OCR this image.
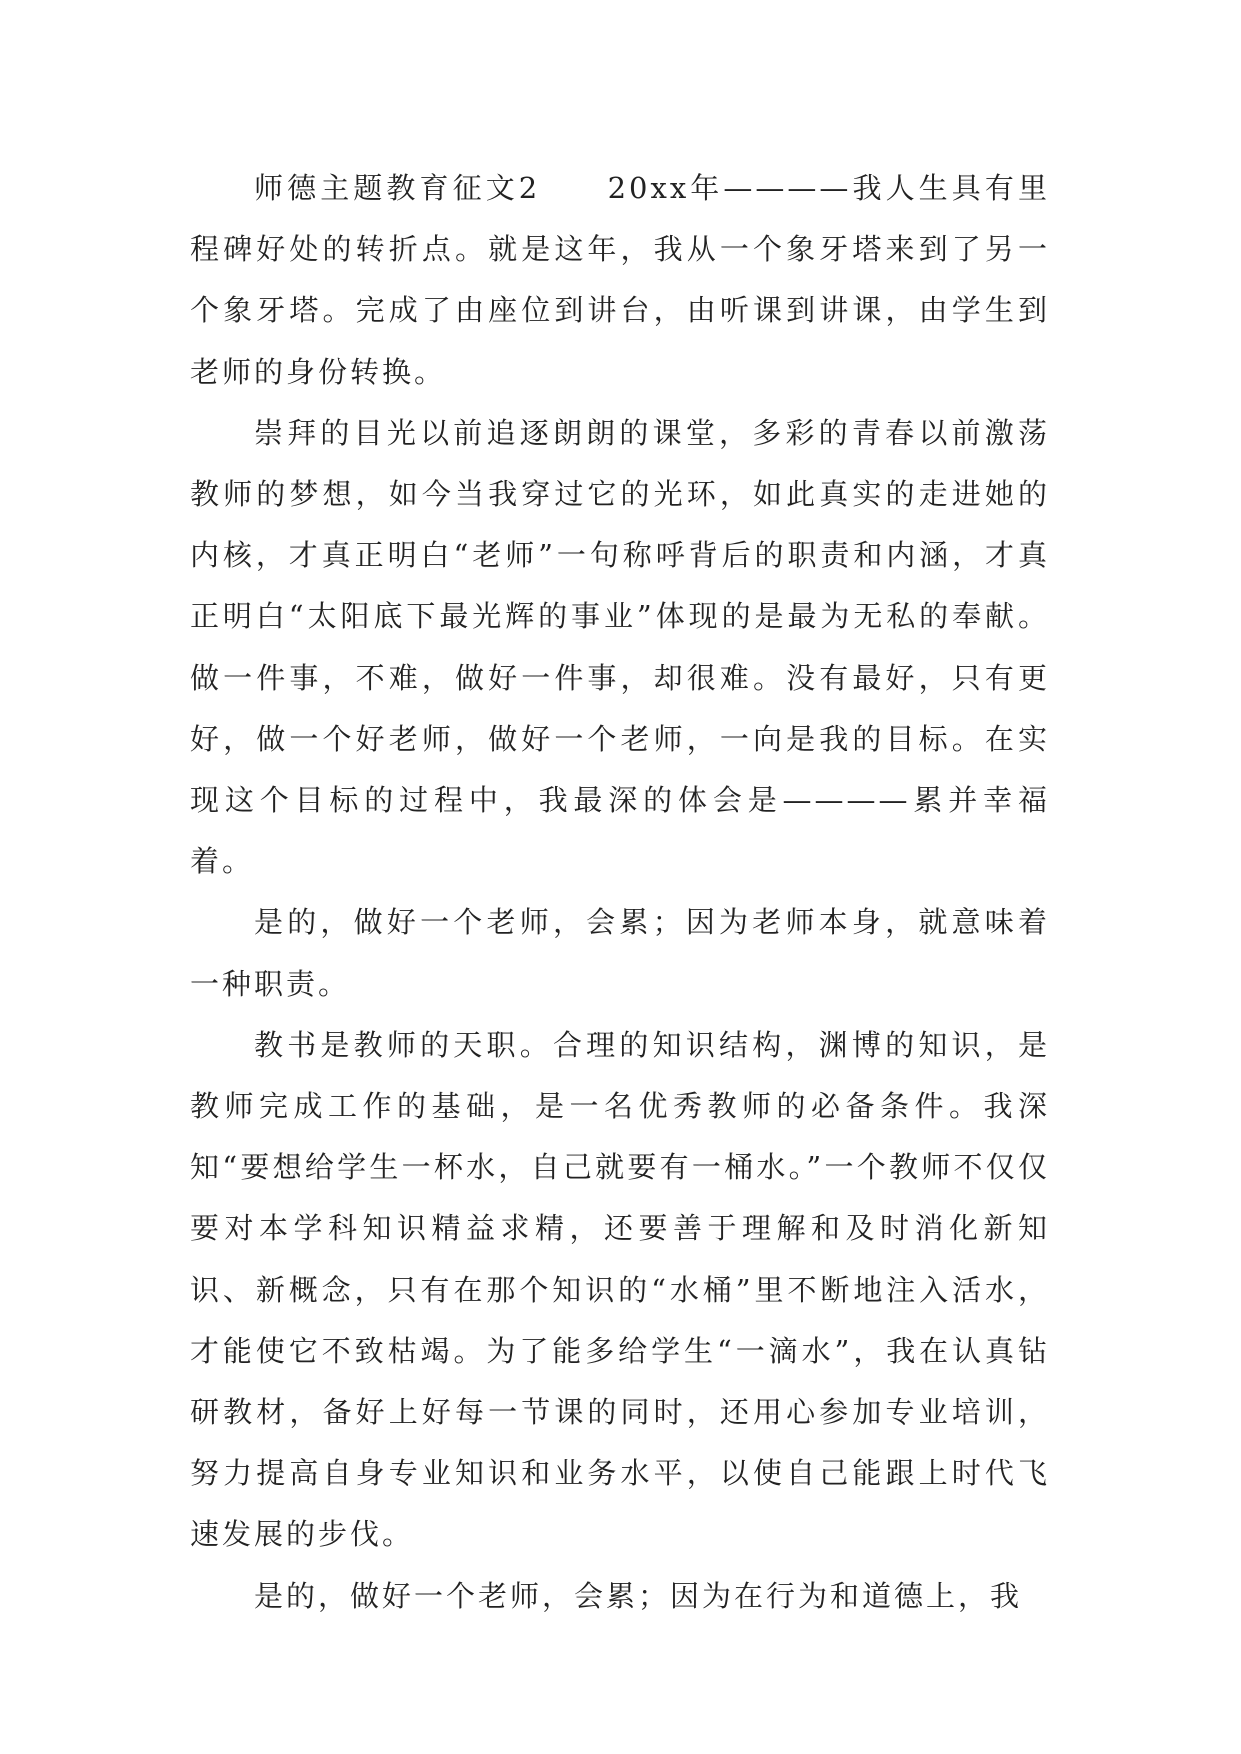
师德主题教育征文2　　20xx年————我人生具有里程碑好处的转折点。就是这年，我从一个象牙塔来到了另一个象牙塔。完成了由座位到讲台，由听课到讲课，由学生到老师的身份转换。

崇拜的目光以前追逐朗朗的课堂，多彩的青春以前激荡教师的梦想，如今当我穿过它的光环，如此真实的走进她的内核，才真正明白“老师”一句称呼背后的职责和内涵，才真正明白“太阳底下最光辉的事业”体现的是最为无私的奉献。做一件事，不难，做好一件事，却很难。没有最好，只有更好，做一个好老师，做好一个老师，一向是我的目标。在实现这个目标的过程中，我最深的体会是————累并幸福着。

是的，做好一个老师，会累；因为老师本身，就意味着一种职责。

教书是教师的天职。合理的知识结构，渊博的知识，是教师完成工作的基础，是一名优秀教师的必备条件。我深知“要想给学生一杯水，自己就要有一桶水。”一个教师不仅仅要对本学科知识精益求精，还要善于理解和及时消化新知识、新概念，只有在那个知识的“水桶”里不断地注入活水，才能使它不致枯竭。为了能多给学生“一滴水”，我在认真钻研教材，备好上好每一节课的同时，还用心参加专业培训，努力提高自身专业知识和业务水平，以使自己能跟上时代飞速发展的步伐。

是的，做好一个老师，会累；因为在行为和道德上，我
